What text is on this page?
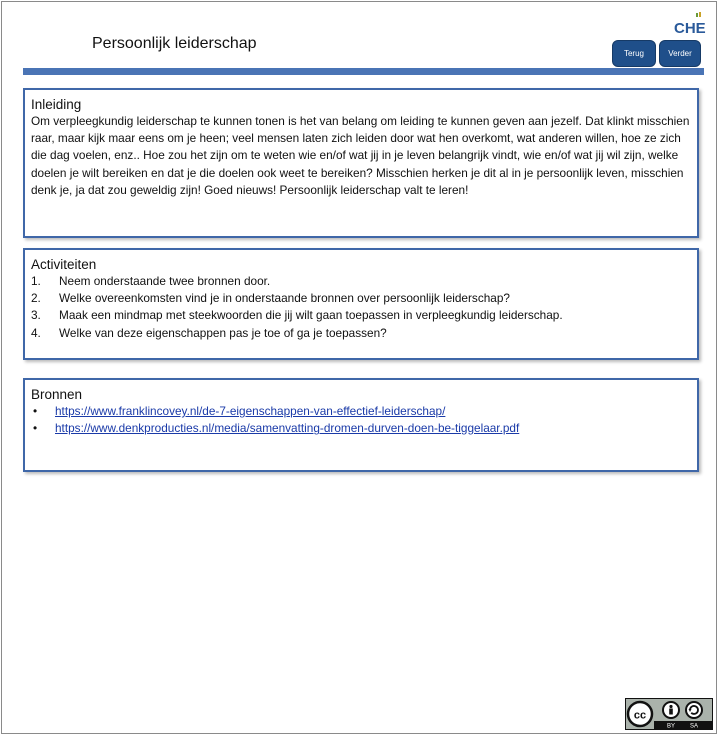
Persoonlijk leiderschap
CHE
Terug	Verder
Inleiding

Om verpleegkundig leiderschap te kunnen tonen is het van belang om leiding te kunnen geven aan jezelf. Dat klinkt misschien raar, maar kijk maar eens om je heen; veel mensen laten zich leiden door wat hen overkomt, wat anderen willen, hoe ze zich die dag voelen, enz.. Hoe zou het zijn om te weten wie en/of wat jij in je leven belangrijk vindt, wie en/of wat jij wil zijn, welke doelen je wilt bereiken en dat je die doelen ook weet te bereiken? Misschien herken je dit al in je persoonlijk leven, misschien denk je, ja dat zou geweldig zijn! Goed nieuws! Persoonlijk leiderschap valt te leren!

Activiteiten
1.	Neem onderstaande twee bronnen door.
2.	Welke overeenkomsten vind je in onderstaande bronnen over persoonlijk leiderschap?
3.	Maak een mindmap met steekwoorden die jij wilt gaan toepassen in verpleegkundig leiderschap.
4.	Welke van deze eigenschappen pas je toe of ga je toepassen?
Bronnen
•	https://www.franklincovey.nl/de-7-eigenschappen-van-effectief-leiderschap/
•	https://www.denkproducties.nl/media/samenvatting-dromen-durven-doen-be-tiggelaar.pdf
cc
BY SA
